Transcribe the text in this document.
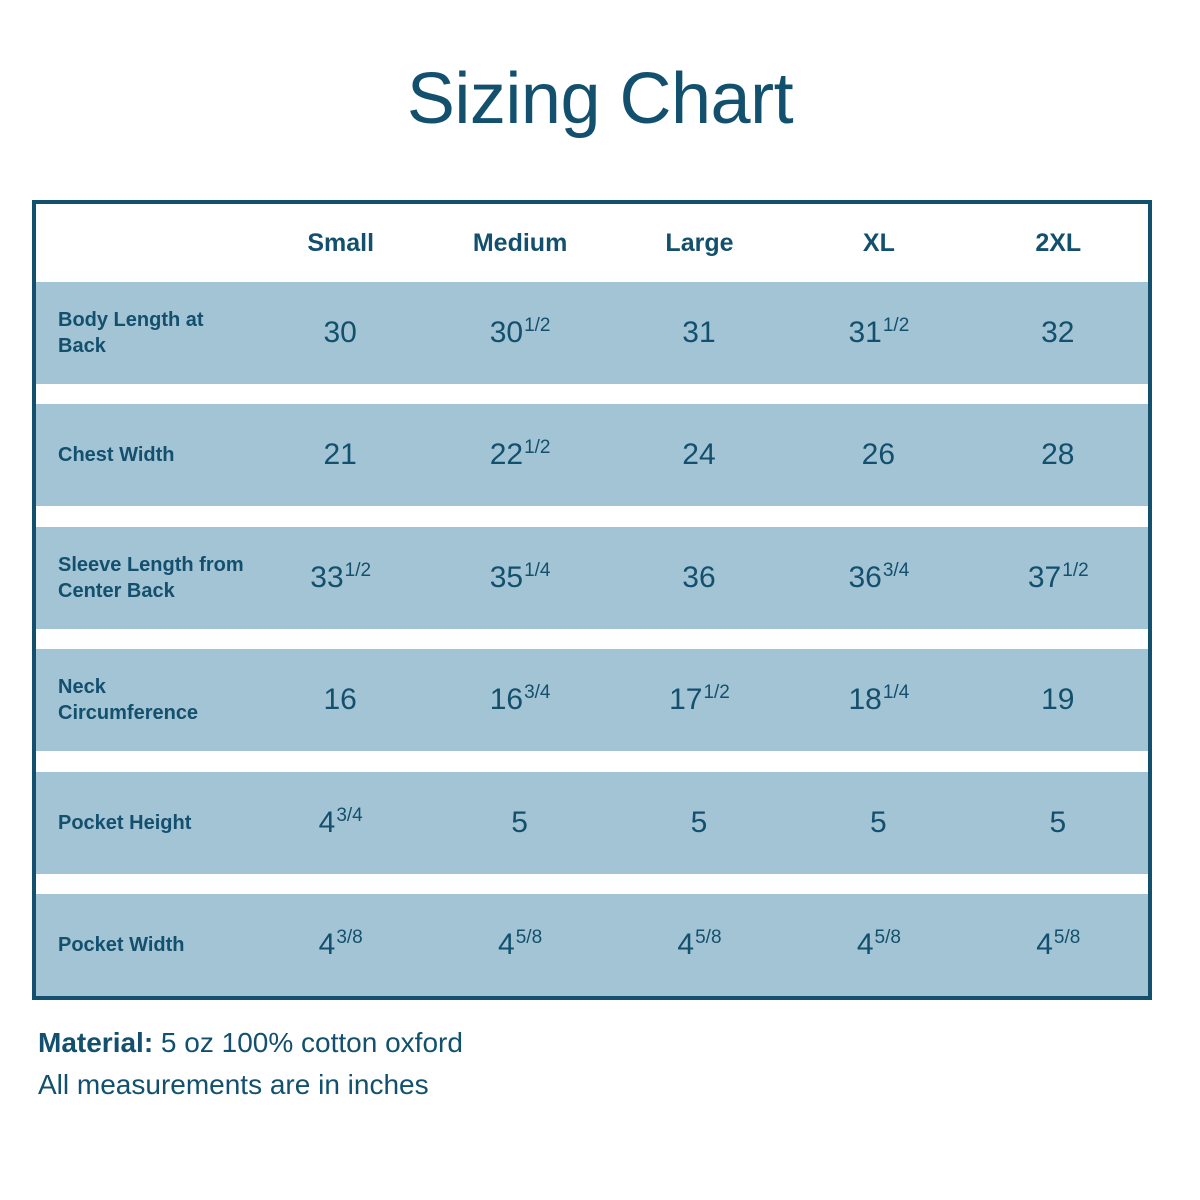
Sizing Chart
	Small	Medium	Large	XL	2XL
Body Length at Back	30	$30^{1/2}$	31	$31^{1/2}$	32

Chest Width	21	$22^{1/2}$	24	26	28

Sleeve Length from Center Back	$33^{1/2}$	$35^{1/4}$	36	$36^{3/4}$	$37^{1/2}$

Neck Circumference	16	$16^{3/4}$	$17^{1/2}$	$18^{1/4}$	19

Pocket Height	$4^{3/4}$	5	5	5	5

Pocket Width	$4^{3/8}$	$4^{5/8}$	$4^{5/8}$	$4^{5/8}$	$4^{5/8}$
Material: 5 oz 100% cotton oxford
All measurements are in inches
